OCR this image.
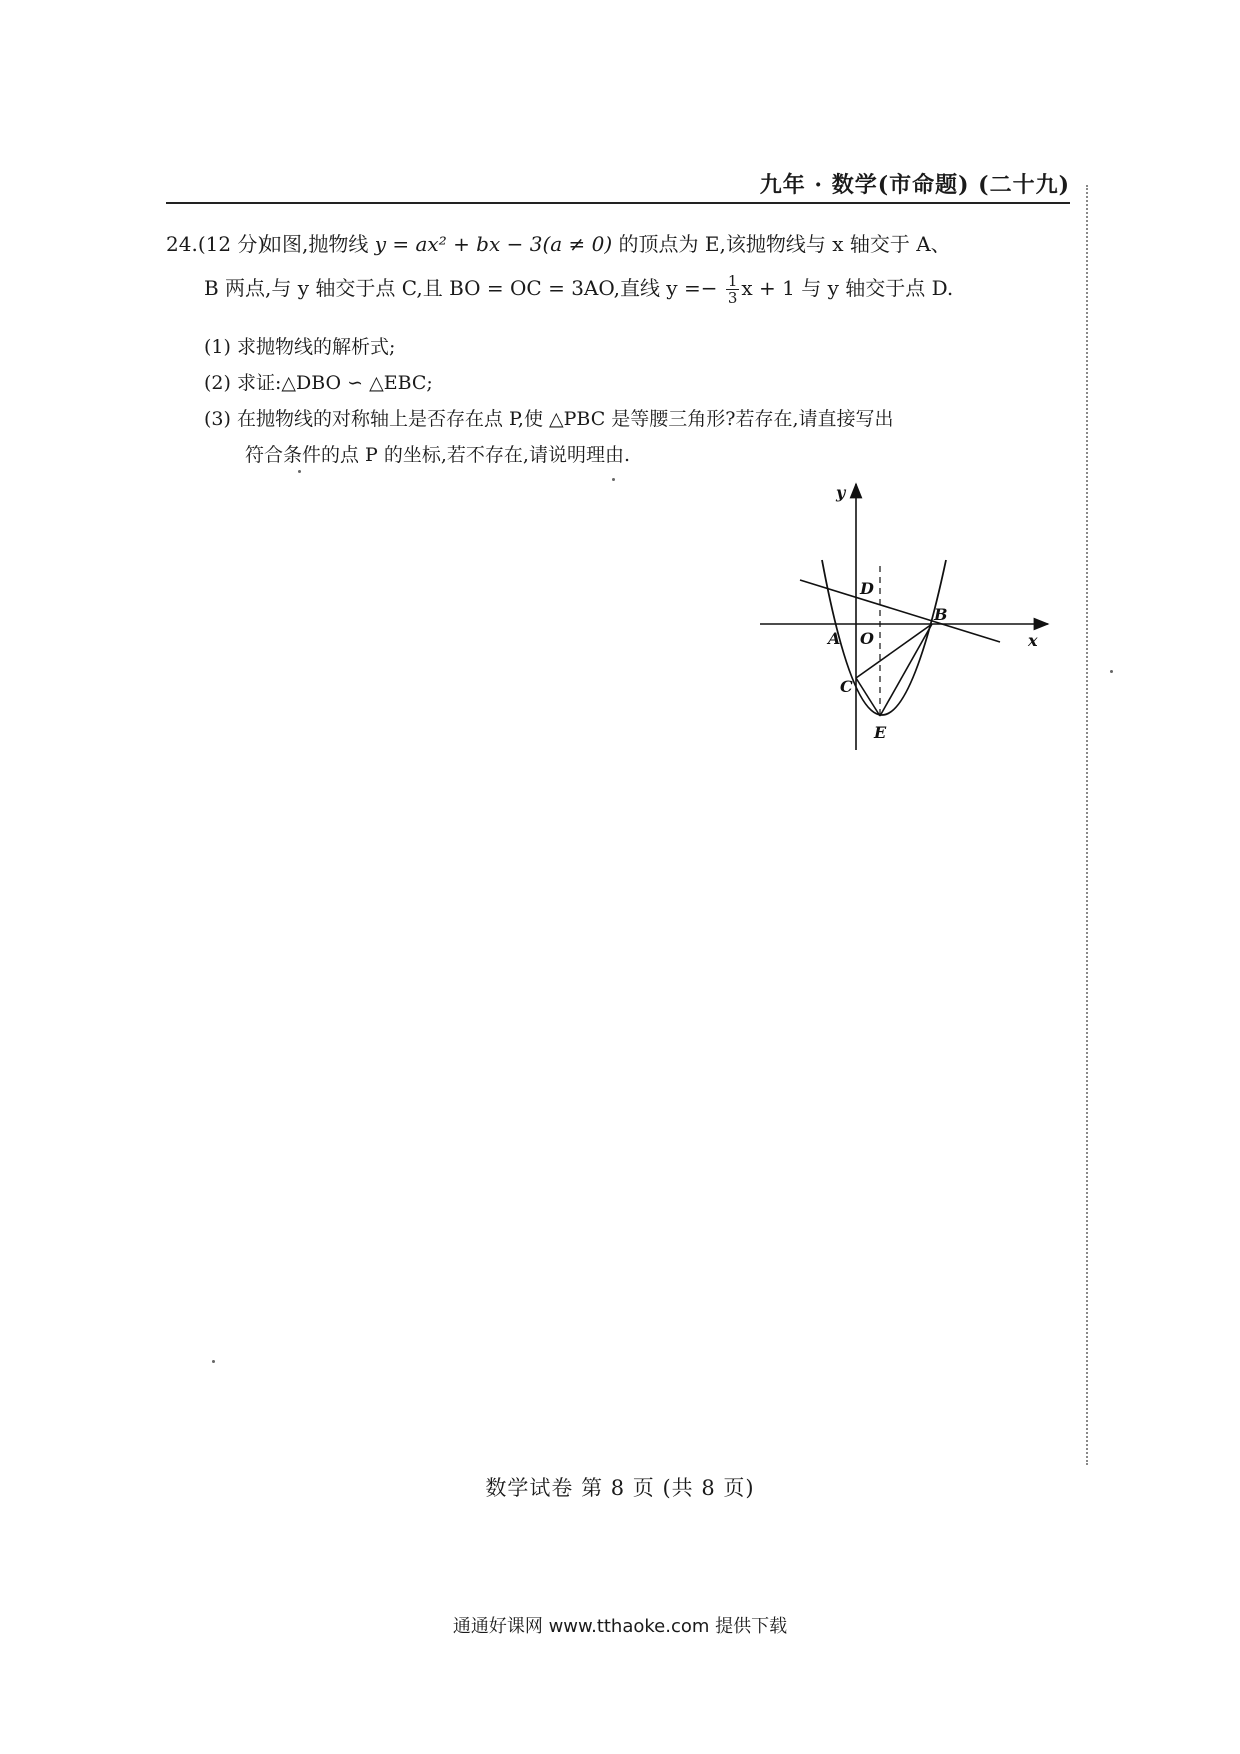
九年 · 数学(市命题) (二十九)
24.(12 分)
如图,抛物线 y = ax² + bx − 3(a ≠ 0) 的顶点为 E,该抛物线与 x 轴交于 A、
B 两点,与 y 轴交于点 C,且 BO = OC = 3AO,直线 $y =- \frac{1}{3}$ x + 1 与 y 轴交于点 D.
(1) 求抛物线的解析式;
(2) 求证:△DBO ∽ △EBC;
(3) 在抛物线的对称轴上是否存在点 P,使 △PBC 是等腰三角形?若存在,请直接写出
符合条件的点 P 的坐标,若不存在,请说明理由.
y
x
D
B
A O
C
E
数学试卷 第 8 页 (共 8 页)
通通好课网 www.tthaoke.com 提供下载
